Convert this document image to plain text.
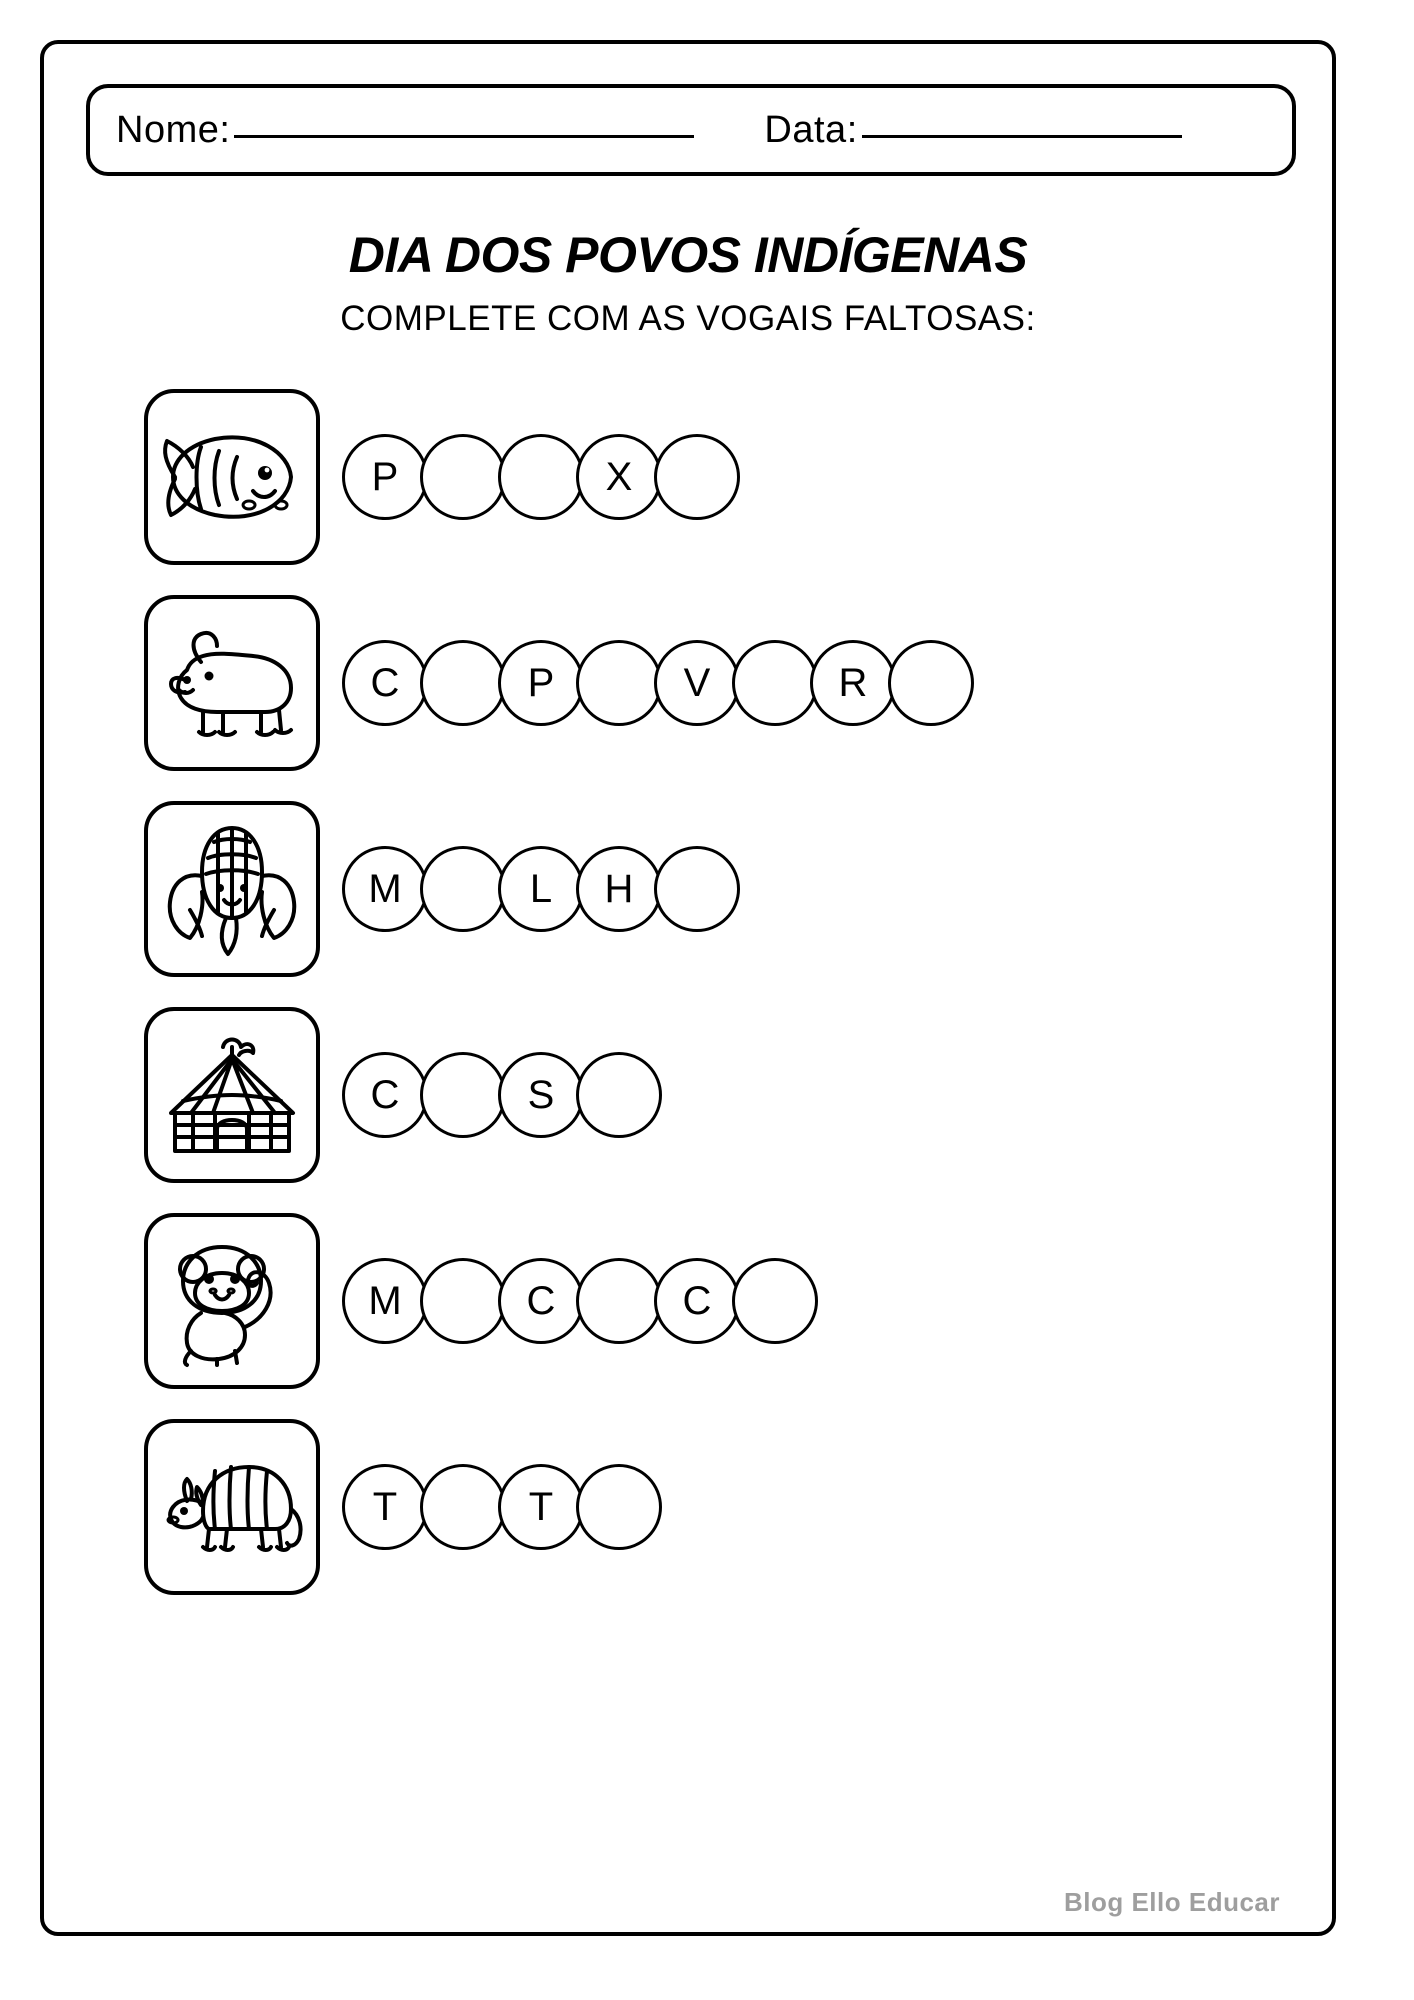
Nome:	Data:
DIA DOS POVOS INDÍGENAS
COMPLETE COM AS VOGAIS FALTOSAS:
P	X
C	P	V	R
M	L	H
C	S
M	C	C
T	T
Blog Ello Educar
